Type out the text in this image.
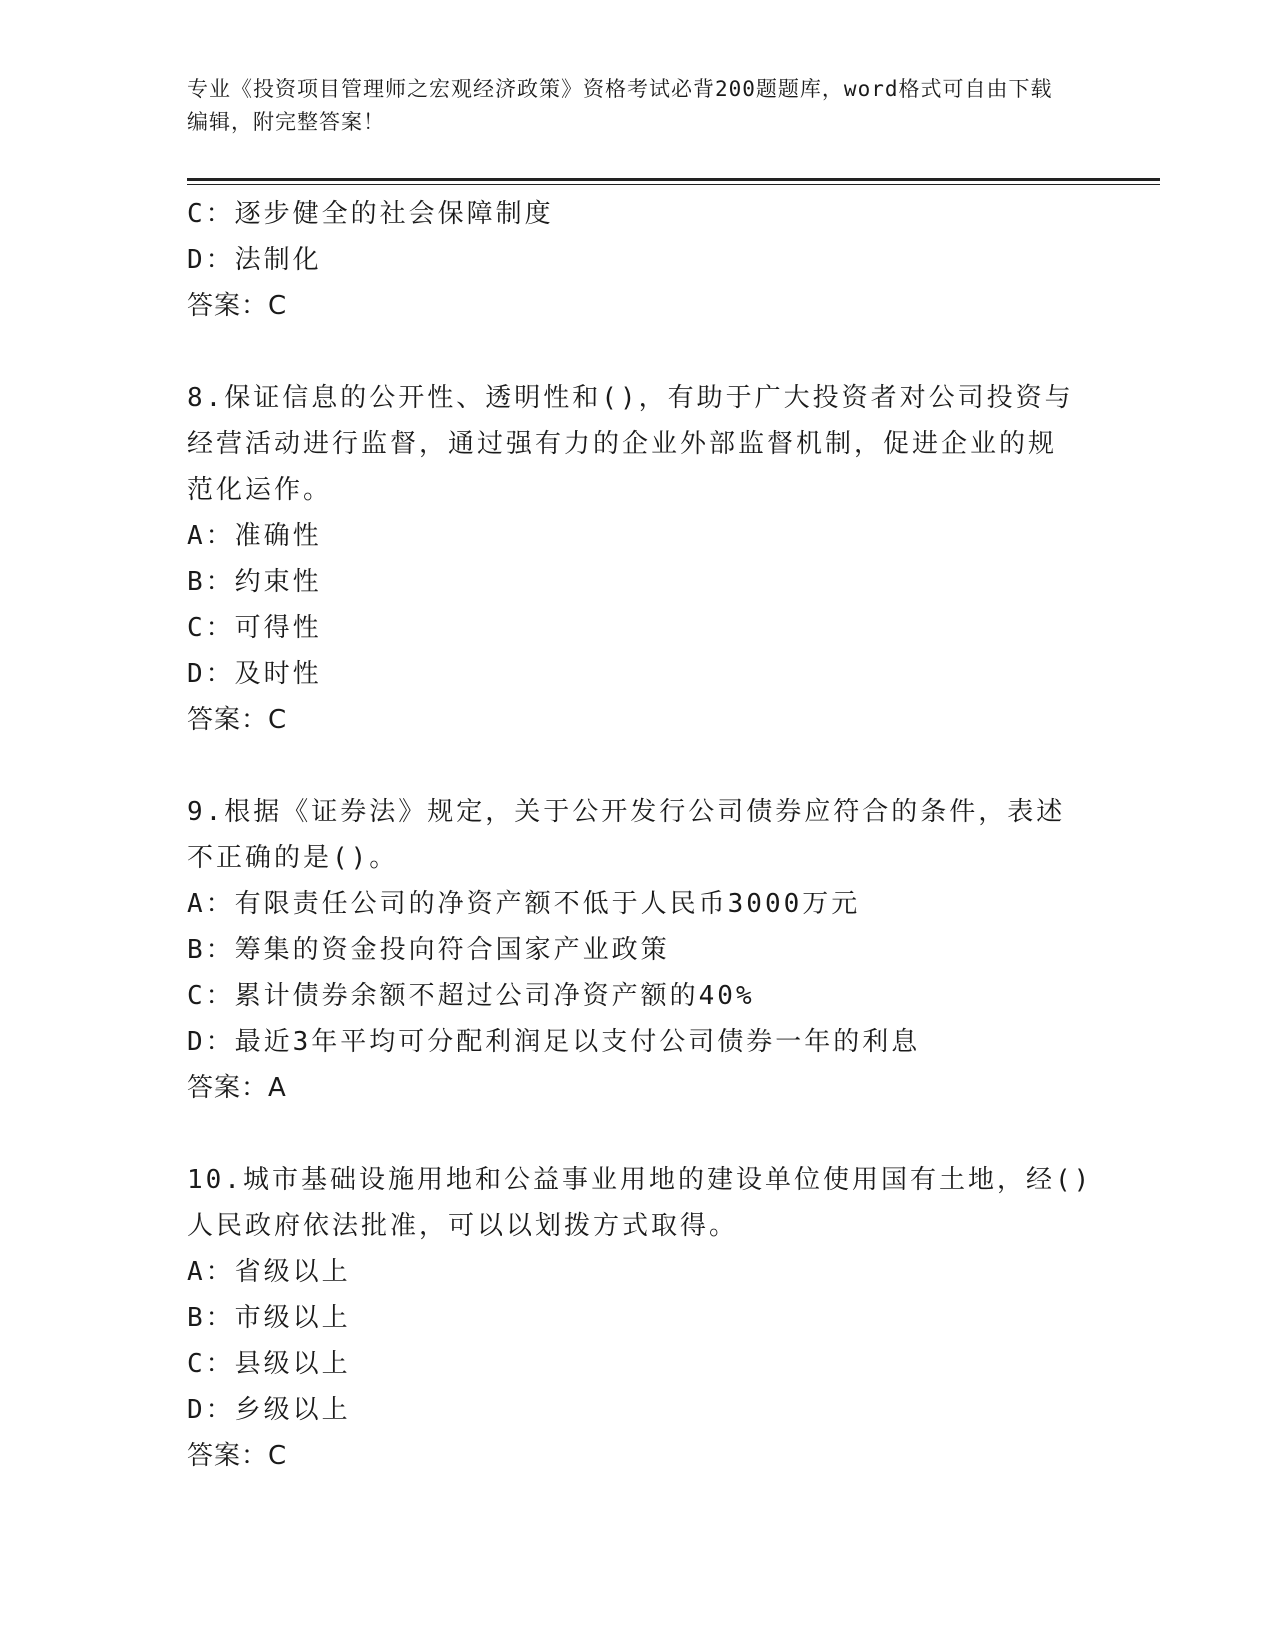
专业《投资项目管理师之宏观经济政策》资格考试必背200题题库，word格式可自由下载编辑，附完整答案！
C：逐步健全的社会保障制度
D：法制化
答案：C
8.保证信息的公开性、透明性和()，有助于广大投资者对公司投资与
经营活动进行监督，通过强有力的企业外部监督机制，促进企业的规
范化运作。
A：准确性
B：约束性
C：可得性
D：及时性
答案：C
9.根据《证券法》规定，关于公开发行公司债券应符合的条件，表述
不正确的是()。
A：有限责任公司的净资产额不低于人民币3000万元
B：筹集的资金投向符合国家产业政策
C：累计债券余额不超过公司净资产额的40%
D：最近3年平均可分配利润足以支付公司债券一年的利息
答案：A
10.城市基础设施用地和公益事业用地的建设单位使用国有土地，经()
人民政府依法批准，可以以划拨方式取得。
A：省级以上
B：市级以上
C：县级以上
D：乡级以上
答案：C
